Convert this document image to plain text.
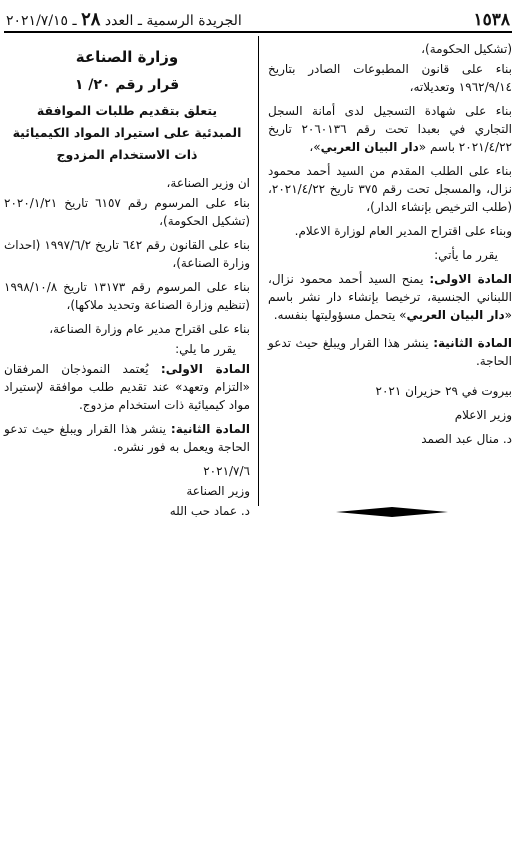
١٥٣٨
الجريدة الرسمية ـ العدد ٢٨ ـ ٢٠٢١/٧/١٥

(تشكيل الحكومة)،

بناء على قانون المطبوعات الصادر بتاريخ ١٩٦٢/٩/١٤ وتعديلاته،

بناء على شهادة التسجيل لدى أمانة السجل التجاري في بعبدا تحت رقم ٢٠٦٠١٣٦ تاريخ ٢٠٢١/٤/٢٢ باسم «دار البيان العربي»،

بناء على الطلب المقدم من السيد أحمد محمود نزال، والمسجل تحت رقم ٣٧٥ تاريخ ٢٠٢١/٤/٢٢، (طلب الترخيص بإنشاء الدار)،

وبناء على اقتراح المدير العام لوزارة الاعلام.

يقرر ما يأتي:

المادة الاولى: يمنح السيد أحمد محمود نزال، اللبناني الجنسية، ترخيصا بإنشاء دار نشر باسم «دار البيان العربي» يتحمل مسؤوليتها بنفسه.

المادة الثانية: ينشر هذا القرار ويبلغ حيث تدعو الحاجة.

بيروت في ٢٩ حزيران ٢٠٢١

وزير الاعلام

د. منال عبد الصمد

وزارة الصناعة
قرار رقم ٢٠/ ١
يتعلق بتقديم طلبات الموافقة
المبدئية على استيراد المواد الكيميائية
ذات الاستخدام المزدوج

ان وزير الصناعة،

بناء على المرسوم رقم ٦١٥٧ تاريخ ٢٠٢٠/١/٢١ (تشكيل الحكومة)،

بناء على القانون رقم ٦٤٢ تاريخ ١٩٩٧/٦/٢ (احداث وزارة الصناعة)،

بناء على المرسوم رقم ١٣١٧٣ تاريخ ١٩٩٨/١٠/٨ (تنظيم وزارة الصناعة وتحديد ملاكها)،

بناء على اقتراح مدير عام وزارة الصناعة،

يقرر ما يلي:

المادة الاولى: يُعتمد النموذجان المرفقان «التزام وتعهد» عند تقديم طلب موافقة لإستيراد مواد كيميائية ذات استخدام مزدوج.

المادة الثانية: ينشر هذا القرار ويبلغ حيث تدعو الحاجة ويعمل به فور نشره.

٢٠٢١/٧/٦

وزير الصناعة

د. عماد حب الله
